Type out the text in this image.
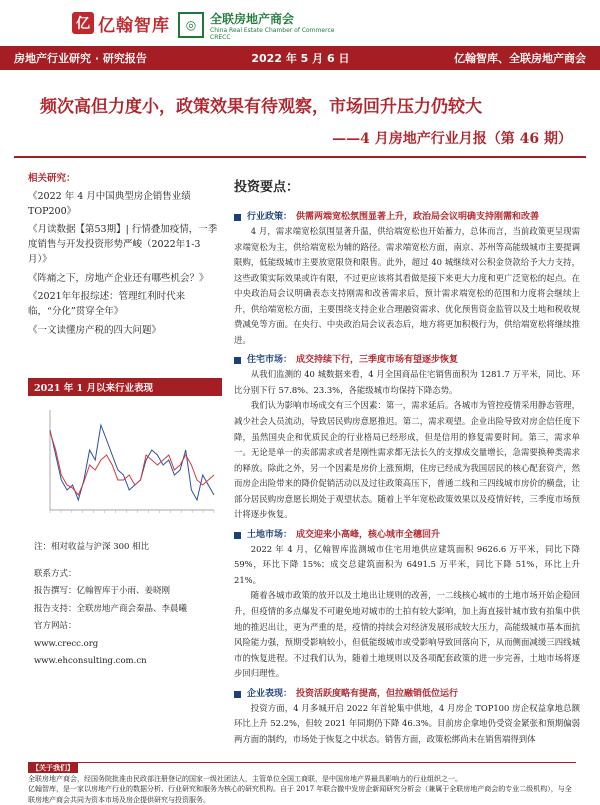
亿 亿翰智库	◎	全联房地产商会
China Real Estate Chamber of Commerce
CRECC
房地产行业研究 · 研究报告	2022 年 5 月 6 日	亿翰智库、全联房地产商会
频次高但力度小，政策效果有待观察，市场回升压力仍较大
——4 月房地产行业月报（第 46 期）
相关研究：
《2022 年 4 月中国典型房企销售业绩 TOP200》
《月读数据【第53期】| 行情叠加疫情，一季度销售与开发投资形势严峻（2022年1-3月）》
《阵痛之下，房地产企业还有哪些机会？》
《2021年年报综述：管理红利时代来临，“分化”贯穿全年》
《一文读懂房产税的四大问题》
2021 年 1 月以来行业表现
注：相对收益与沪深 300 相比
联系方式：
报告撰写：亿翰智库于小雨、姜晓刚
报告支持：全联房地产商会秦晶、李晨曦
官方网站：
www.crecc.org
www.ehconsulting.com.cn
投资要点：
行业政策： 供需两端宽松氛围显著上升，政治局会议明确支持刚需和改善

4 月，需求端宽松氛围显著升温，供给端宽松也开始蓄力，总体而言，当前政策更呈现需求端宽松为主，供给端宽松为辅的路径。需求端宽松方面，南京、苏州等高能级城市主要提调限购，低能级城市主要放宽限贷和限售。此外，超过 40 城继续对公积金贷款给予大力支持，这些政策实际效果或许有限，不过更应该将其看做是接下来更大力度和更广泛宽松的起点。在中央政治局会议明确表态支持刚需和改善需求后，预计需求端宽松的范围和力度将会继续上升，供给端宽松方面，主要围绕支持企业合理融资需求、优化预售资金监管以及土地和税收规费减免等方面。在央行、中央政治局会议表态后，地方将更加积极行为，供给端宽松将继续推进。

住宅市场： 成交持续下行，三季度市场有望逐步恢复

从我们监测的 40 城数据来看，4 月全国商品住宅销售面积为 1281.7 万平米，同比、环比分别下行 57.8%、23.3%，各能级城市均保持下降态势。

我们认为影响市场成交有三个因素：第一，需求延后。各城市为管控疫情采用静态管理，减少社会人员流动，导致居民购房意愿推迟。第二，需求观望。企业出险导致对房企信任度下降，虽然国央企和优质民企的行业格局已经形成，但是信用的修复需要时间。第三，需求单一。无论是单一的卖部需求或者是刚性需求都无法长久的支撑成交量增长，急需要换种类需求的释放。除此之外，另一个因素是房价上涨预期，住房已经成为我国居民的核心配套资产，然而房企出险带来的降价促销活动以及过往政策高压下，普通二线和三四线城市房价的横盘，让部分居民购房意愿长期处于观望状态。随着上半年宽松政策效果以及疫情好转，三季度市场预计将逐步恢复。

土地市场： 成交迎来小高峰，核心城市全穗回升

2022 年 4 月，亿翰智库监测城市住宅用地供应建筑面积 9626.6 万平米，同比下降 59%，环比下降 15%；成交总建筑面积为 6491.5 万平米，同比下降 51%，环比上升 21%。

随着各城市政策的放开以及土地出让规则的改善，一二线核心城市的土地市场开始企稳回升，但疫情的多点爆发不可避免地对城市的土拍有较大影响，加上海直接针城市致有拍集中供地的推迟出让，更为严重的是，疫情的持续会对经济发展形成较大压力，高能级城市基本面抗风险能力强，预期受影响较小，但低能级城市或受影响导致回落向下，从而侧面减缓三四线城市的恢复进程。不过我们认为，随着土地规则以及各项配套政策的进一步完善，土地市场将逐步回归理性。

企业表现： 投资活跃度略有提高，但拉融销低位运行

投资方面，4 月多城开启 2022 年首轮集中供地，4 月房企 TOP100 房企权益拿地总额环比上升 52.2%，但较 2021 年同期仍下降 46.3%。目前房企拿地仍受资金紧张和预期偏弱两方面的制约，市场处于恢复之中状态。销售方面，政策松绑尚未在销售端得到体

【关于我们】
全联房地产商会，经国务院批准由民政部注册登记的国家一级社团法人，主管单位全国工商联，是中国房地产界最具影响力的行业组织之一。
亿翰智库，是一家以房地产行业的数据分析、行业研究和服务为核心的研究机构。自于 2017 年联合撤中发房企新闻研究分析会（兼属于全联房地产商会的专业二级机构），与全联房地产商会共同为资本市场及房企提供研究与投资服务。
